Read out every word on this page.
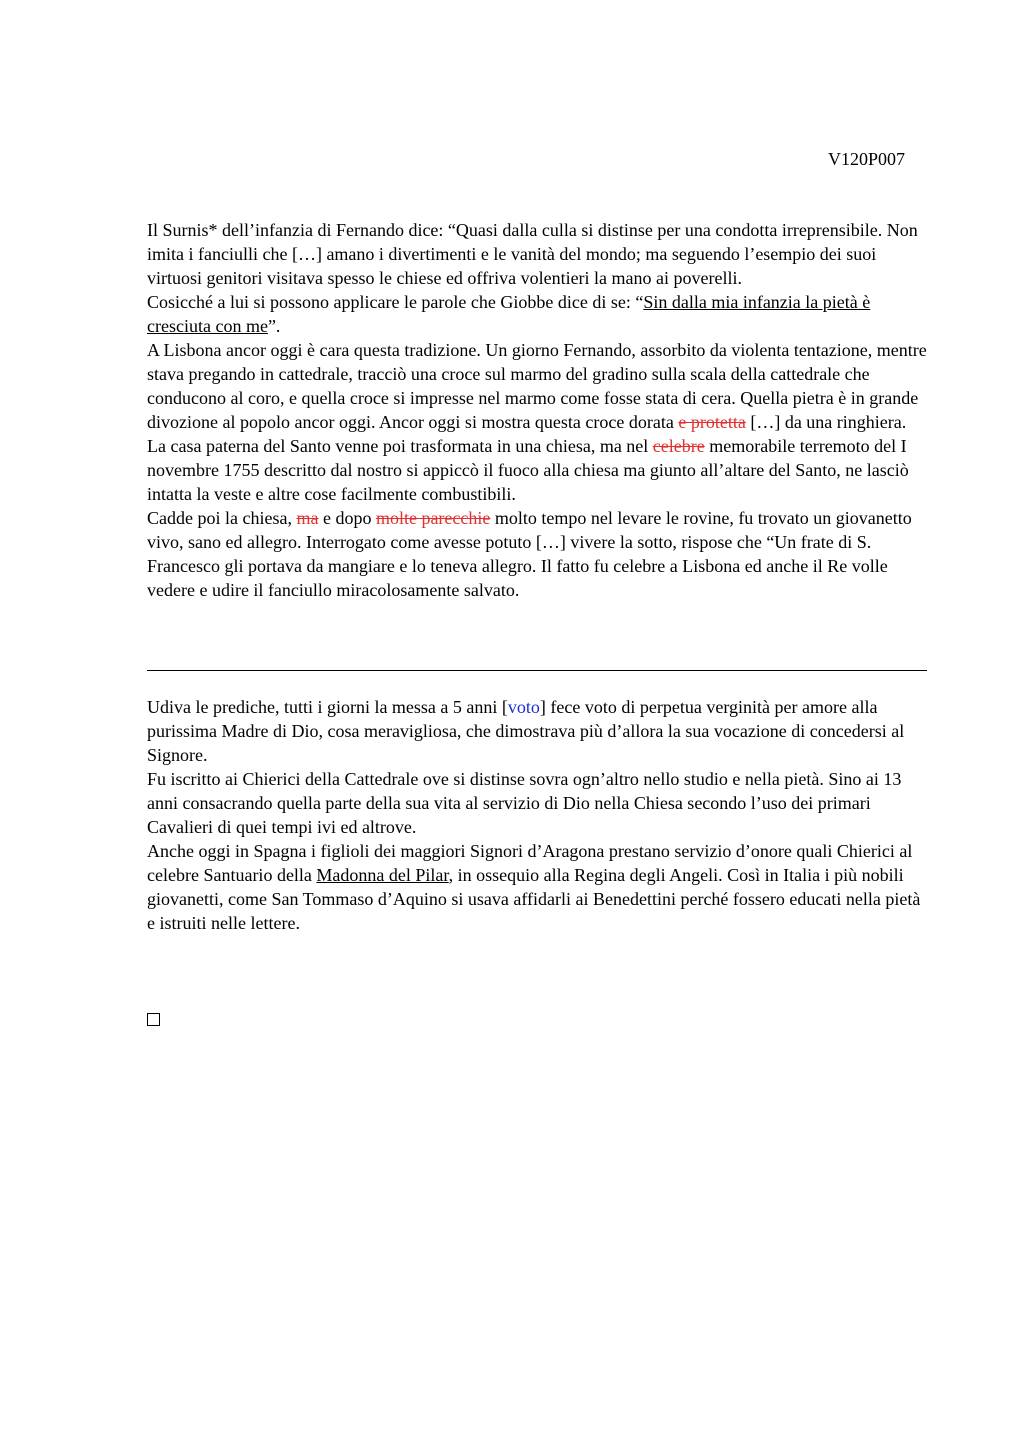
V120P007

Il Surnis* dell’infanzia di Fernando dice: “Quasi dalla culla si distinse per una condotta irreprensibile. Non imita i fanciulli che […] amano i divertimenti e le vanità del mondo; ma seguendo l’esempio dei suoi virtuosi genitori visitava spesso le chiese ed offriva volentieri la mano ai poverelli.

Cosicché a lui si possono applicare le parole che Giobbe dice di se: “Sin dalla mia infanzia la pietà è cresciuta con me”.

A Lisbona ancor oggi è cara questa tradizione. Un giorno Fernando, assorbito da violenta tentazione, mentre stava pregando in cattedrale, tracciò una croce sul marmo del gradino sulla scala della cattedrale che conducono al coro, e quella croce si impresse nel marmo come fosse stata di cera. Quella pietra è in grande divozione al popolo ancor oggi. Ancor oggi si mostra questa croce dorata e protetta […] da una ringhiera.

La casa paterna del Santo venne poi trasformata in una chiesa, ma nel celebre memorabile terremoto del I novembre 1755 descritto dal nostro si appiccò il fuoco alla chiesa ma giunto all’altare del Santo, ne lasciò intatta la veste e altre cose facilmente combustibili.

Cadde poi la chiesa, ma e dopo molte parecchie molto tempo nel levare le rovine, fu trovato un giovanetto vivo, sano ed allegro. Interrogato come avesse potuto […] vivere la sotto, rispose che “Un frate di S. Francesco gli portava da mangiare e lo teneva allegro. Il fatto fu celebre a Lisbona ed anche il Re volle vedere e udire il fanciullo miracolosamente salvato.

Udiva le prediche, tutti i giorni la messa a 5 anni [voto] fece voto di perpetua verginità per amore alla purissima Madre di Dio, cosa meravigliosa, che dimostrava più d’allora la sua vocazione di concedersi al Signore.

Fu iscritto ai Chierici della Cattedrale ove si distinse sovra ogn’altro nello studio e nella pietà. Sino ai 13 anni consacrando quella parte della sua vita al servizio di Dio nella Chiesa secondo l’uso dei primari Cavalieri di quei tempi ivi ed altrove.

Anche oggi in Spagna i figlioli dei maggiori Signori d’Aragona prestano servizio d’onore quali Chierici al celebre Santuario della Madonna del Pilar, in ossequio alla Regina degli Angeli. Così in Italia i più nobili giovanetti, come San Tommaso d’Aquino si usava affidarli ai Benedettini perché fossero educati nella pietà e istruiti nelle lettere.
